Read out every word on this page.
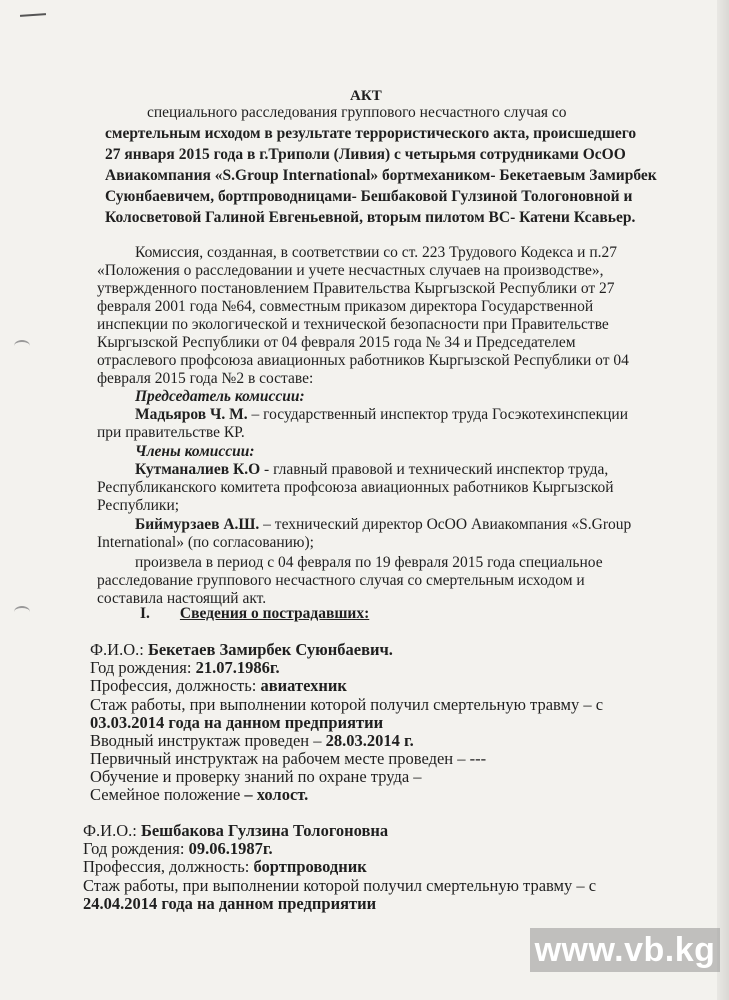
АКТ
специального расследования группового несчастного случая со
смертельным исходом в результате террористического акта, происшедшего
27 января 2015 года в г.Триполи (Ливия) с четырьмя сотрудниками ОсОО
Авиакомпания «S.Group International» бортмехаником- Бекетаевым Замирбек
Суюнбаевичем, бортпроводницами- Бешбаковой Гулзиной Тологоновной и
Колосветовой Галиной Евгеньевной, вторым пилотом ВС- Катени Ксавьер.
Комиссия, созданная, в соответствии со ст. 223 Трудового Кодекса и п.27
«Положения о расследовании и учете несчастных случаев на производстве»,
утвержденного постановлением Правительства Кыргызской Республики от 27
февраля 2001 года №64, совместным приказом директора Государственной
инспекции по экологической и технической безопасности при Правительстве
Кыргызской Республики от 04 февраля 2015 года № 34 и Председателем
отраслевого профсоюза авиационных работников Кыргызской Республики от 04
февраля 2015 года №2 в составе:
Председатель комиссии:
Мадьяров Ч. М. – государственный инспектор труда Госэкотехинспекции
при правительстве КР.
Члены комиссии:
Кутманалиев К.О - главный правовой и технический инспектор труда,
Республиканского комитета профсоюза авиационных работников Кыргызской
Республики;
Биймурзаев А.Ш. – технический директор ОсОО Авиакомпания «S.Group
International» (по согласованию);
произвела в период с 04 февраля по 19 февраля 2015 года специальное
расследование группового несчастного случая со смертельным исходом и
составила настоящий акт.
I. Сведения о пострадавших:
Ф.И.О.: Бекетаев Замирбек Суюнбаевич.
Год рождения: 21.07.1986г.
Профессия, должность: авиатехник
Стаж работы, при выполнении которой получил смертельную травму – с
03.03.2014 года на данном предприятии
Вводный инструктаж проведен – 28.03.2014 г.
Первичный инструктаж на рабочем месте проведен – ---
Обучение и проверку знаний по охране труда –
Семейное положение – холост.
Ф.И.О.: Бешбакова Гулзина Тологоновна
Год рождения: 09.06.1987г.
Профессия, должность: бортпроводник
Стаж работы, при выполнении которой получил смертельную травму – с
24.04.2014 года на данном предприятии
www.vb.kg
